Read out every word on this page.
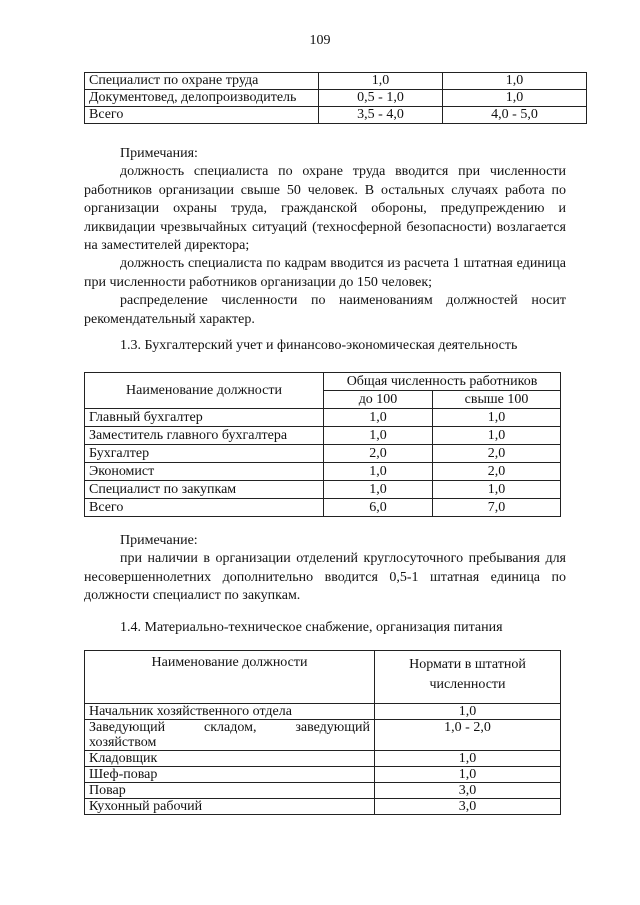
109
Специалист по охране труда	1,0	1,0
Документовед, делопроизводитель	0,5 - 1,0	1,0
Всего	3,5 - 4,0	4,0 - 5,0

Примечания:

должность специалиста по охране труда вводится при численности работников организации свыше 50 человек. В остальных случаях работа по организации охраны труда, гражданской обороны, предупреждению и ликвидации чрезвычайных ситуаций (техносферной безопасности) возлагается на заместителей директора;

должность специалиста по кадрам вводится из расчета 1 штатная единица при численности работников организации до 150 человек;

распределение численности по наименованиям должностей носит рекомендательный характер.

1.3. Бухгалтерский учет и финансово-экономическая деятельность

Наименование должности	Общая численность работников	
	до 100	свыше 100
Главный бухгалтер	1,0	1,0
Заместитель главного бухгалтера	1,0	1,0
Бухгалтер	2,0	2,0
Экономист	1,0	2,0
Специалист по закупкам	1,0	1,0
Всего	6,0	7,0

Примечание:

при наличии в организации отделений круглосуточного пребывания для несовершеннолетних дополнительно вводится 0,5-1 штатная единица по должности специалист по закупкам.

1.4. Материально-техническое снабжение, организация питания

Наименование должности	Нормати в штатной
численности

Начальник хозяйственного отдела	1,0
Заведующий складом, заведующий хозяйством	1,0 - 2,0
Кладовщик	1,0
Шеф-повар	1,0
Повар	3,0
Кухонный рабочий	3,0
